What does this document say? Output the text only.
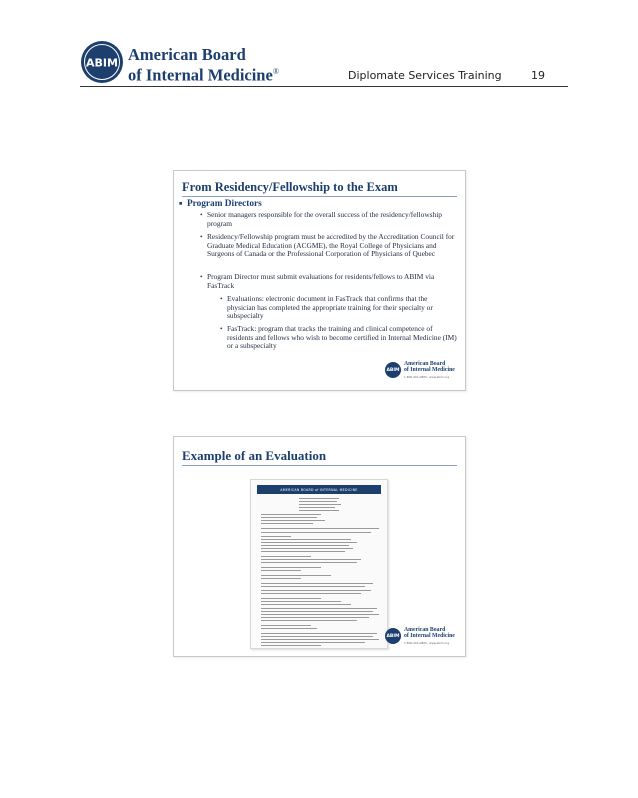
ABIM American Board
of Internal Medicine®	Diplomate Services Training	19
From Residency/Fellowship to the Exam
■ Program Directors
• Senior managers responsible for the overall success of the residency/fellowship program
• Residency/Fellowship program must be accredited by the Accreditation Council for Graduate Medical Education (ACGME), the Royal College of Physicians and Surgeons of Canada or the Professional Corporation of Physicians of Quebec
• Program Director must submit evaluations for residents/fellows to ABIM via FasTrack
• Evaluations: electronic document in FasTrack that confirms that the physician has completed the appropriate training for their specialty or subspecialty
• FasTrack: program that tracks the training and clinical competence of residents and fellows who wish to become certified in Internal Medicine (IM) or a subspecialty
ABIM
American Board
of Internal Medicine
1-800-441-ABIM · www.abim.org
Example of an Evaluation
AMERICAN BOARD of INTERNAL MEDICINE
ABIM
American Board
of Internal Medicine
1-800-441-ABIM · www.abim.org
